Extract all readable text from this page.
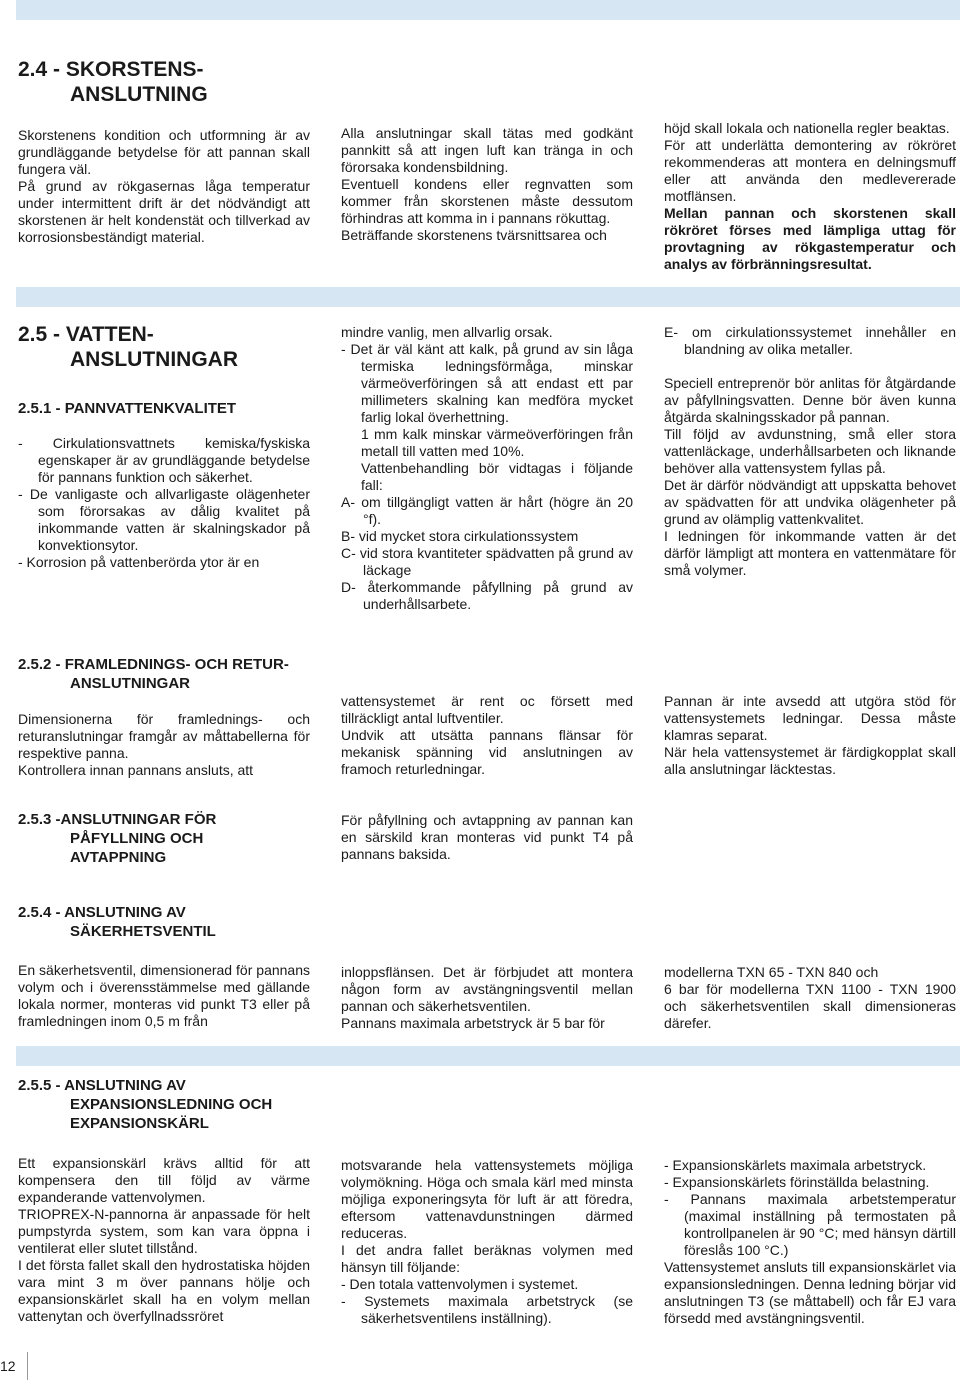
2.4 - SKORSTENS-
ANSLUTNING

Skorstenens kondition och utformning är av grundläggande betydelse för att pannan skall fungera väl.

På grund av rökgasernas låga temperatur under intermittent drift är det nödvändigt att skorstenen är helt kondenstät och tillverkad av korrosionsbeständigt material.

Alla anslutningar skall tätas med godkänt pannkitt så att ingen luft kan tränga in och förorsaka kondensbildning.

Eventuell kondens eller regnvatten som kommer från skorstenen måste dessutom förhindras att komma in i pannans rökuttag.

Beträffande skorstenens tvärsnittsarea och

höjd skall lokala och nationella regler beaktas.

För att underlätta demontering av rökröret rekommenderas att montera en delningsmuff eller att använda den medlevererade motflänsen.

Mellan pannan och skorstenen skall rökröret förses med lämpliga uttag för provtagning av rökgastemperatur och analys av förbränningsresultat.

2.5 - VATTEN-
ANSLUTNINGAR
2.5.1 - PANNVATTENKVALITET

- Cirkulationsvattnets kemiska/fyskiska egenskaper är av grundläggande betydelse för pannans funktion och säkerhet.

- De vanligaste och allvarligaste olägenheter som förorsakas av dålig kvalitet på inkommande vatten är skalningskador på konvektionsytor.

- Korrosion på vattenberörda ytor är en

mindre vanlig, men allvarlig orsak.

- Det är väl känt att kalk, på grund av sin låga termiska ledningsförmåga, minskar värmeöverföringen så att endast ett par millimeters skalning kan medföra mycket farlig lokal överhettning.

1 mm kalk minskar värmeöverföringen från metall till vatten med 10%.

Vattenbehandling bör vidtagas i följande fall:

A- om tillgängligt vatten är hårt (högre än 20 °f).

B- vid mycket stora cirkulationssystem

C- vid stora kvantiteter spädvatten på grund av läckage

D- återkommande påfyllning på grund av underhållsarbete.

E- om cirkulationssystemet innehåller en blandning av olika metaller.

Speciell entreprenör bör anlitas för åtgärdande av påfyllningsvatten. Denne bör även kunna åtgärda skalningsskador på pannan.

Till följd av avdunstning, små eller stora vattenläckage, underhållsarbeten och liknande behöver alla vattensystem fyllas på.

Det är därför nödvändigt att uppskatta behovet av spädvatten för att undvika olägenheter på grund av olämplig vattenkvalitet.

I ledningen för inkommande vatten är det därför lämpligt att montera en vattenmätare för små volymer.

2.5.2 - FRAMLEDNINGS- OCH RETUR-
ANSLUTNINGAR

Dimensionerna för framlednings- och returanslutningar framgår av måttabellerna för respektive panna.

Kontrollera innan pannans ansluts, att

vattensystemet är rent oc försett med tillräckligt antal luftventiler.

Undvik att utsätta pannans flänsar för mekanisk spänning vid anslutningen av framoch returledningar.

Pannan är inte avsedd att utgöra stöd för vattensystemets ledningar. Dessa måste klamras separat.

När hela vattensystemet är färdigkopplat skall alla anslutningar läcktestas.

2.5.3 -ANSLUTNINGAR FÖR
PÅFYLLNING OCH
AVTAPPNING

För påfyllning och avtappning av pannan kan en särskild kran monteras vid punkt T4 på pannans baksida.

2.5.4 - ANSLUTNING AV
SÄKERHETSVENTIL

En säkerhetsventil, dimensionerad för pannans volym och i överensstämmelse med gällande lokala normer, monteras vid punkt T3 eller på framledningen inom 0,5 m från

inloppsflänsen. Det är förbjudet att montera någon form av avstängningsventil mellan pannan och säkerhetsventilen.

Pannans maximala arbetstryck är 5 bar för

modellerna TXN 65 - TXN 840 och

6 bar för modellerna TXN 1100 - TXN 1900 och säkerhetsventilen skall dimensioneras därefer.

2.5.5 - ANSLUTNING AV
EXPANSIONSLEDNING OCH
EXPANSIONSKÄRL

Ett expansionskärl krävs alltid för att kompensera den till följd av värme expanderande vattenvolymen.

TRIOPREX-N-pannorna är anpassade för helt pumpstyrda system, som kan vara öppna i ventilerat eller slutet tillstånd.

I det första fallet skall den hydrostatiska höjden vara mint 3 m över pannans hölje och expansionskärlet skall ha en volym mellan vattenytan och överfyllnadssröret

motsvarande hela vattensystemets möjliga volymökning. Höga och smala kärl med minsta möjliga exponeringsyta för luft är att föredra, eftersom vattenavdunstningen därmed reduceras.

I det andra fallet beräknas volymen med hänsyn till följande:

- Den totala vattenvolymen i systemet.

- Systemets maximala arbetstryck (se säkerhetsventilens inställning).

- Expansionskärlets maximala arbetstryck.

- Expansionskärlets förinställda belastning.

- Pannans maximala arbetstemperatur (maximal inställning på termostaten på kontrollpanelen är 90 °C; med hänsyn därtill föreslås 100 °C.)

Vattensystemet ansluts till expansionskärlet via expansionsledningen. Denna ledning börjar vid anslutningen T3 (se måttabell) och får EJ vara försedd med avstängningsventil.

12
